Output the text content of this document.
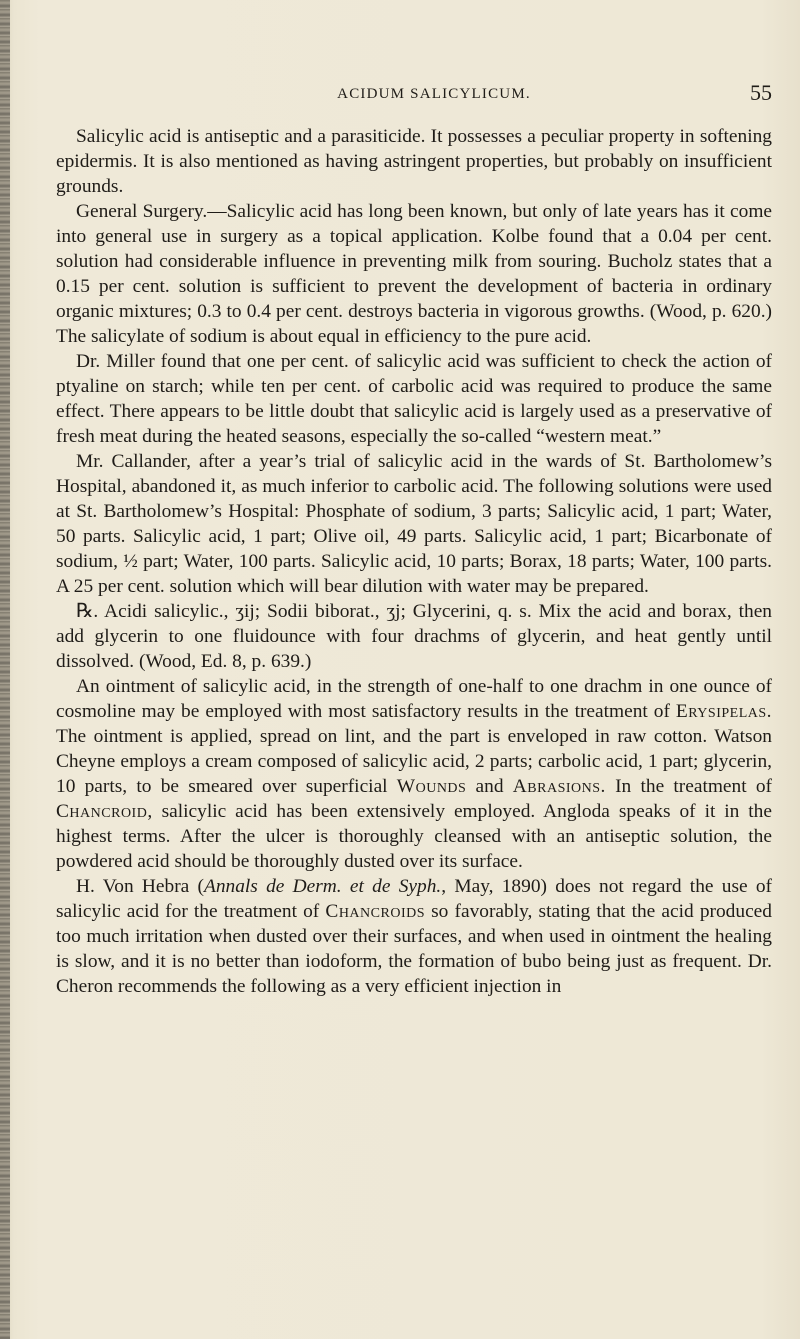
ACIDUM SALICYLICUM.	55

Salicylic acid is antiseptic and a parasiticide. It possesses a peculiar property in softening epidermis. It is also mentioned as having astringent properties, but probably on insufficient grounds.

General Surgery.—Salicylic acid has long been known, but only of late years has it come into general use in surgery as a topical application. Kolbe found that a 0.04 per cent. solution had considerable influence in preventing milk from souring. Bucholz states that a 0.15 per cent. solution is sufficient to prevent the development of bacteria in ordinary organic mixtures; 0.3 to 0.4 per cent. destroys bacteria in vigorous growths. (Wood, p. 620.) The salicylate of sodium is about equal in efficiency to the pure acid.

Dr. Miller found that one per cent. of salicylic acid was sufficient to check the action of ptyaline on starch; while ten per cent. of carbolic acid was required to produce the same effect. There appears to be little doubt that salicylic acid is largely used as a preservative of fresh meat during the heated seasons, especially the so-called “western meat.”

Mr. Callander, after a year’s trial of salicylic acid in the wards of St. Bartholomew’s Hospital, abandoned it, as much inferior to carbolic acid. The following solutions were used at St. Bartholomew’s Hospital: Phosphate of sodium, 3 parts; Salicylic acid, 1 part; Water, 50 parts. Salicylic acid, 1 part; Olive oil, 49 parts. Salicylic acid, 1 part; Bicarbonate of sodium, ½ part; Water, 100 parts. Salicylic acid, 10 parts; Borax, 18 parts; Water, 100 parts. A 25 per cent. solution which will bear dilution with water may be prepared.

℞. Acidi salicylic., ʒij; Sodii biborat., ʒj; Glycerini, q. s. Mix the acid and borax, then add glycerin to one fluidounce with four drachms of glycerin, and heat gently until dissolved. (Wood, Ed. 8, p. 639.)

An ointment of salicylic acid, in the strength of one-half to one drachm in one ounce of cosmoline may be employed with most satisfactory results in the treatment of Erysipelas. The ointment is applied, spread on lint, and the part is enveloped in raw cotton. Watson Cheyne employs a cream composed of salicylic acid, 2 parts; carbolic acid, 1 part; glycerin, 10 parts, to be smeared over superficial Wounds and Abrasions. In the treatment of Chancroid, salicylic acid has been extensively employed. Angloda speaks of it in the highest terms. After the ulcer is thoroughly cleansed with an antiseptic solution, the powdered acid should be thoroughly dusted over its surface.

H. Von Hebra (Annals de Derm. et de Syph., May, 1890) does not regard the use of salicylic acid for the treatment of Chancroids so favorably, stating that the acid produced too much irritation when dusted over their surfaces, and when used in ointment the healing is slow, and it is no better than iodoform, the formation of bubo being just as frequent. Dr. Cheron recommends the following as a very efficient injection in
